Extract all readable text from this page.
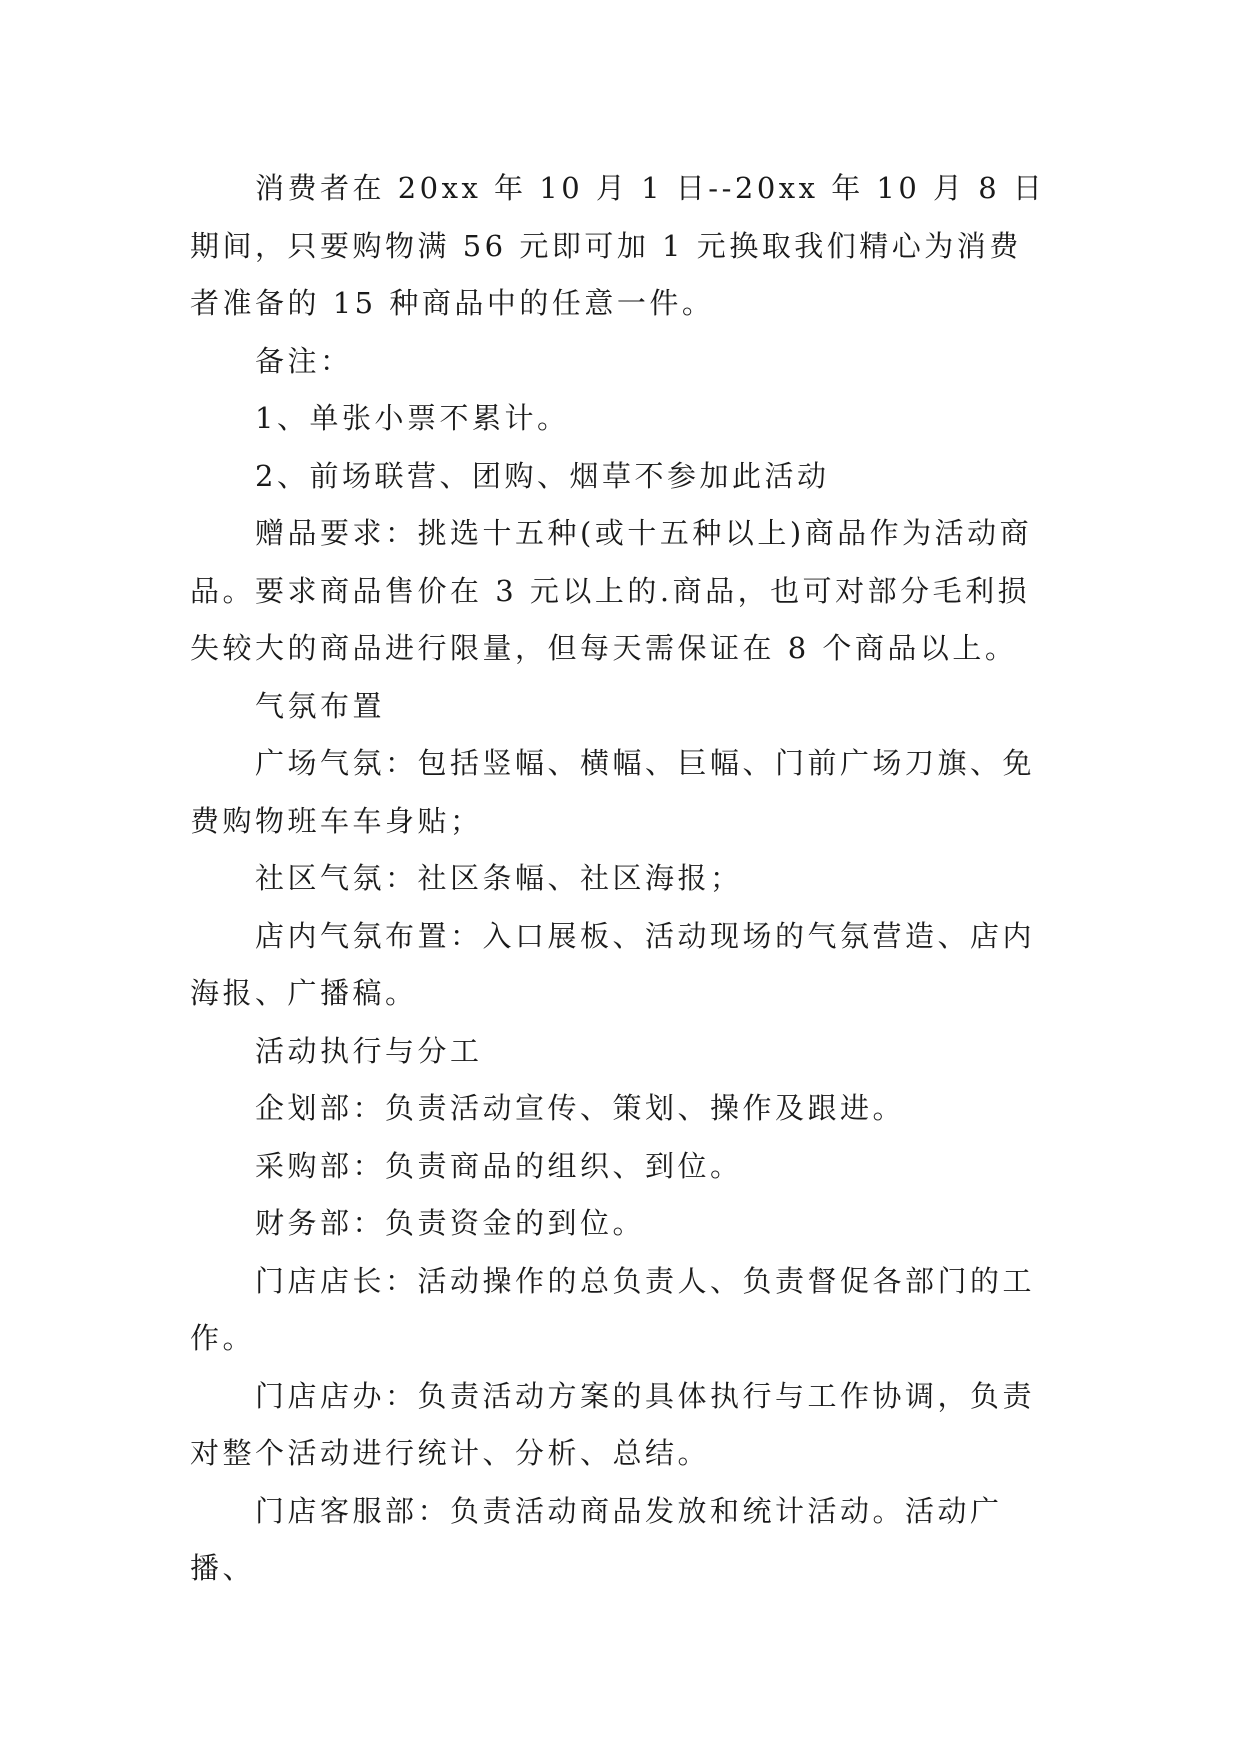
消费者在 20xx 年 10 月 1 日--20xx 年 10 月 8 日期间，只要购物满 56 元即可加 1 元换取我们精心为消费者准备的 15 种商品中的任意一件。

备注：

1、单张小票不累计。

2、前场联营、团购、烟草不参加此活动

赠品要求：挑选十五种(或十五种以上)商品作为活动商品。要求商品售价在 3 元以上的.商品，也可对部分毛利损失较大的商品进行限量，但每天需保证在 8 个商品以上。

气氛布置

广场气氛：包括竖幅、横幅、巨幅、门前广场刀旗、免费购物班车车身贴；

社区气氛：社区条幅、社区海报；

店内气氛布置：入口展板、活动现场的气氛营造、店内海报、广播稿。

活动执行与分工

企划部：负责活动宣传、策划、操作及跟进。

采购部：负责商品的组织、到位。

财务部：负责资金的到位。

门店店长：活动操作的总负责人、负责督促各部门的工作。

门店店办：负责活动方案的具体执行与工作协调，负责对整个活动进行统计、分析、总结。

门店客服部：负责活动商品发放和统计活动。活动广播、
